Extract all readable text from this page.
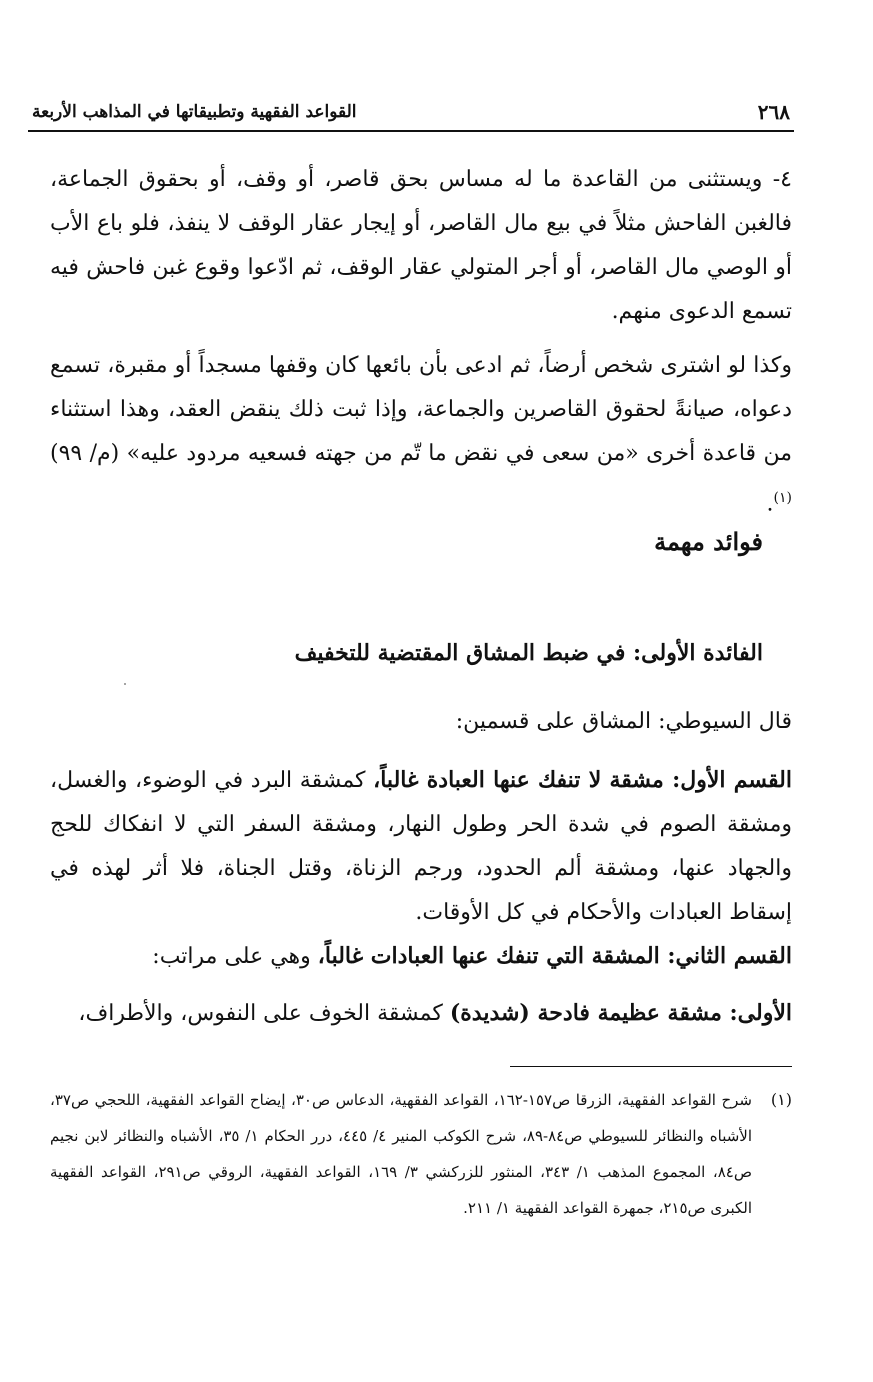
٢٦٨
القواعد الفقهية وتطبيقاتها في المذاهب الأربعة

٤- ويستثنى من القاعدة ما له مساس بحق قاصر، أو وقف، أو بحقوق الجماعة، فالغبن الفاحش مثلاً في بيع مال القاصر، أو إيجار عقار الوقف لا ينفذ، فلو باع الأب أو الوصي مال القاصر، أو أجر المتولي عقار الوقف، ثم ادّعوا وقوع غبن فاحش فيه تسمع الدعوى منهم.

وكذا لو اشترى شخص أرضاً، ثم ادعى بأن بائعها كان وقفها مسجداً أو مقبرة، تسمع دعواه، صيانةً لحقوق القاصرين والجماعة، وإذا ثبت ذلك ينقض العقد، وهذا استثناء من قاعدة أخرى «من سعى في نقض ما تّم من جهته فسعيه مردود عليه» (م/ ٩٩)$^{(١)}$.

فوائد مهمة
الفائدة الأولى: في ضبط المشاق المقتضية للتخفيف

قال السيوطي: المشاق على قسمين:

القسم الأول: مشقة لا تنفك عنها العبادة غالباً، كمشقة البرد في الوضوء، والغسل، ومشقة الصوم في شدة الحر وطول النهار، ومشقة السفر التي لا انفكاك للحج والجهاد عنها، ومشقة ألم الحدود، ورجم الزناة، وقتل الجناة، فلا أثر لهذه في إسقاط العبادات والأحكام في كل الأوقات.

القسم الثاني: المشقة التي تنفك عنها العبادات غالباً، وهي على مراتب:

الأولى: مشقة عظيمة فادحة (شديدة) كمشقة الخوف على النفوس، والأطراف،

(١)
شرح القواعد الفقهية، الزرقا ص١٥٧-١٦٢، القواعد الفقهية، الدعاس ص٣٠، إيضاح القواعد الفقهية، اللحجي ص٣٧، الأشباه والنظائر للسيوطي ص٨٤-٨٩، شرح الكوكب المنير ٤/ ٤٤٥، درر الحكام ١/ ٣٥، الأشباه والنظائر لابن نجيم ص٨٤، المجموع المذهب ١/ ٣٤٣، المنثور للزركشي ٣/ ١٦٩، القواعد الفقهية، الروقي ص٢٩١، القواعد الفقهية الكبرى ص٢١٥، جمهرة القواعد الفقهية ١/ ٢١١.
